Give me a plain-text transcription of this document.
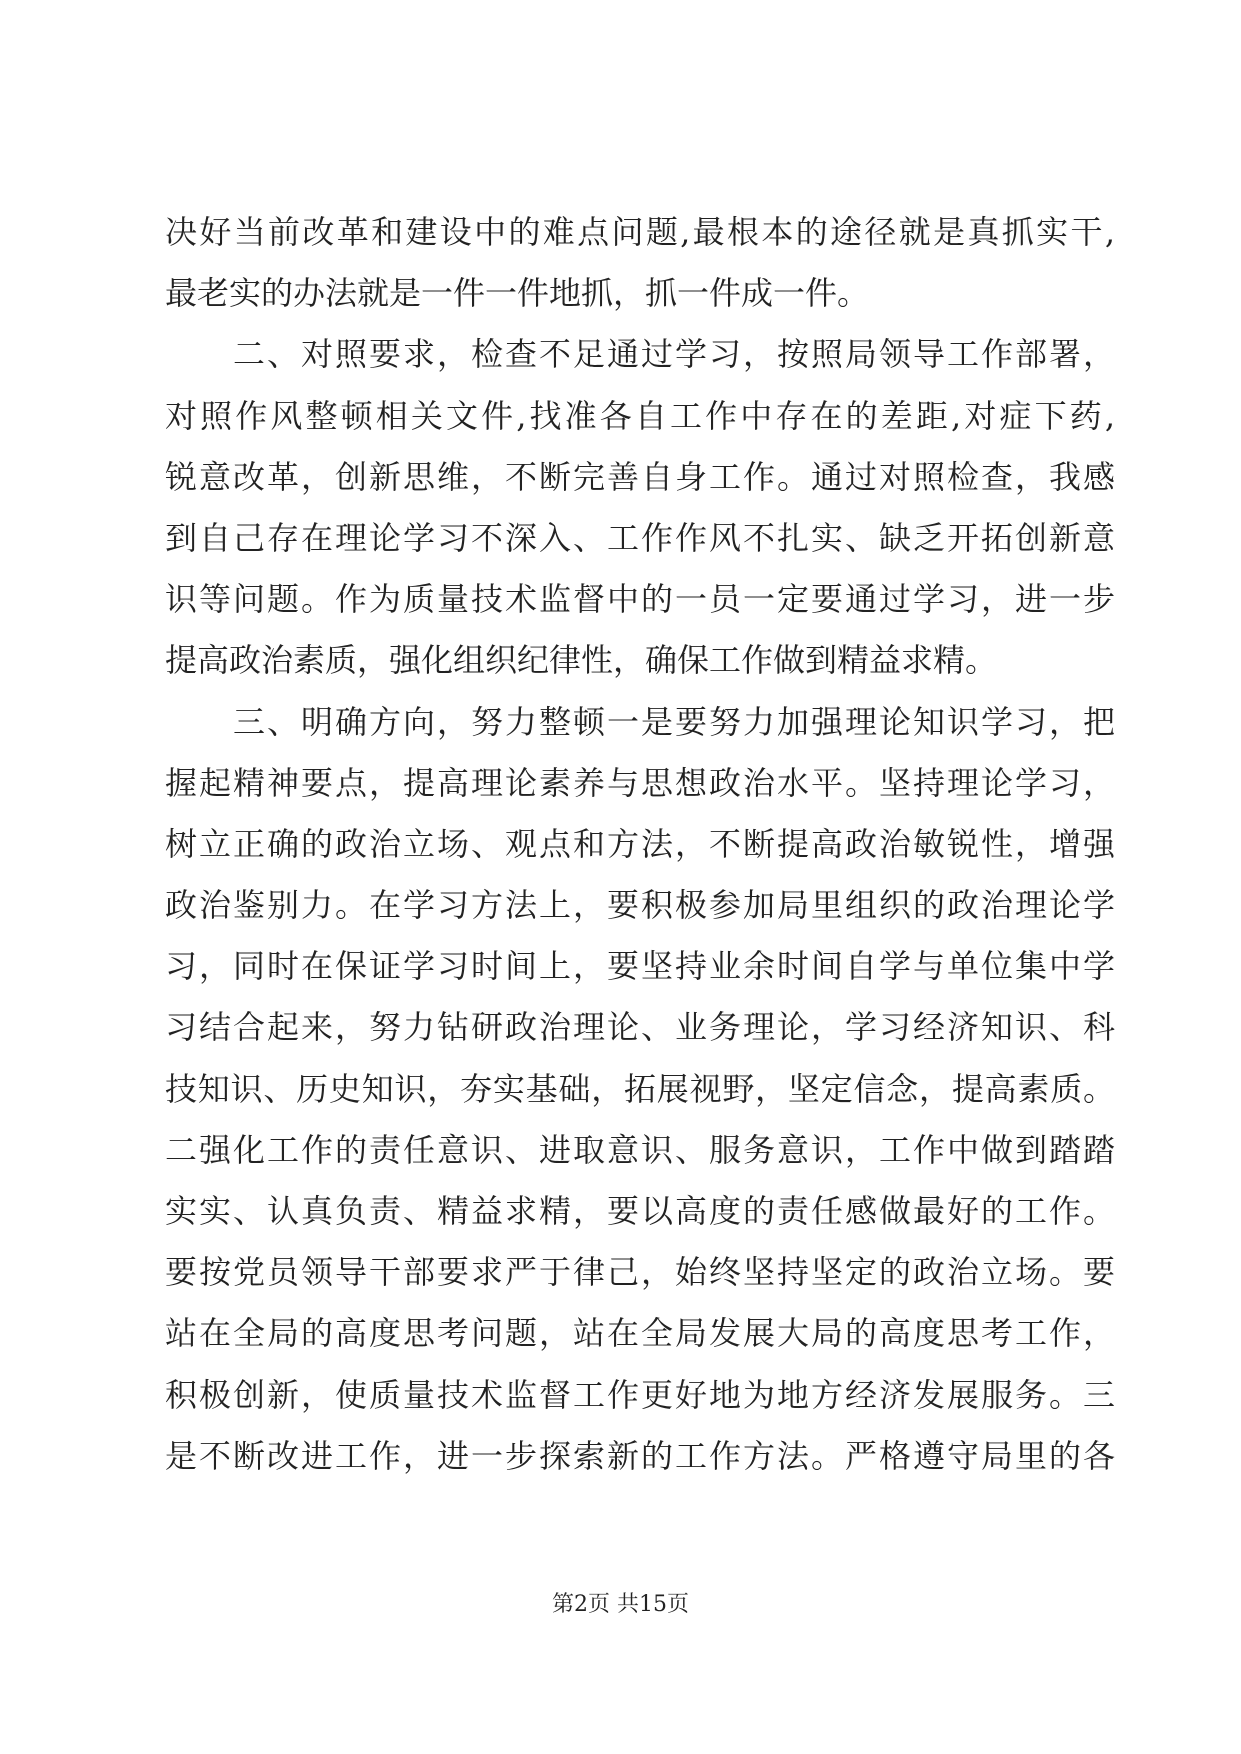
决好当前改革和建设中的难点问题,最根本的途径就是真抓实干,
最老实的办法就是一件一件地抓，抓一件成一件。
二、对照要求，检查不足通过学习，按照局领导工作部署，
对照作风整顿相关文件,找准各自工作中存在的差距,对症下药,
锐意改革，创新思维，不断完善自身工作。通过对照检查，我感
到自己存在理论学习不深入、工作作风不扎实、缺乏开拓创新意
识等问题。作为质量技术监督中的一员一定要通过学习，进一步
提高政治素质，强化组织纪律性，确保工作做到精益求精。
三、明确方向，努力整顿一是要努力加强理论知识学习，把
握起精神要点，提高理论素养与思想政治水平。坚持理论学习，
树立正确的政治立场、观点和方法，不断提高政治敏锐性，增强
政治鉴别力。在学习方法上，要积极参加局里组织的政治理论学
习，同时在保证学习时间上，要坚持业余时间自学与单位集中学
习结合起来，努力钻研政治理论、业务理论，学习经济知识、科
技知识、历史知识，夯实基础，拓展视野，坚定信念，提高素质。
二强化工作的责任意识、进取意识、服务意识，工作中做到踏踏
实实、认真负责、精益求精，要以高度的责任感做最好的工作。
要按党员领导干部要求严于律己，始终坚持坚定的政治立场。要
站在全局的高度思考问题，站在全局发展大局的高度思考工作，
积极创新，使质量技术监督工作更好地为地方经济发展服务。三
是不断改进工作，进一步探索新的工作方法。严格遵守局里的各
第2页 共15页
